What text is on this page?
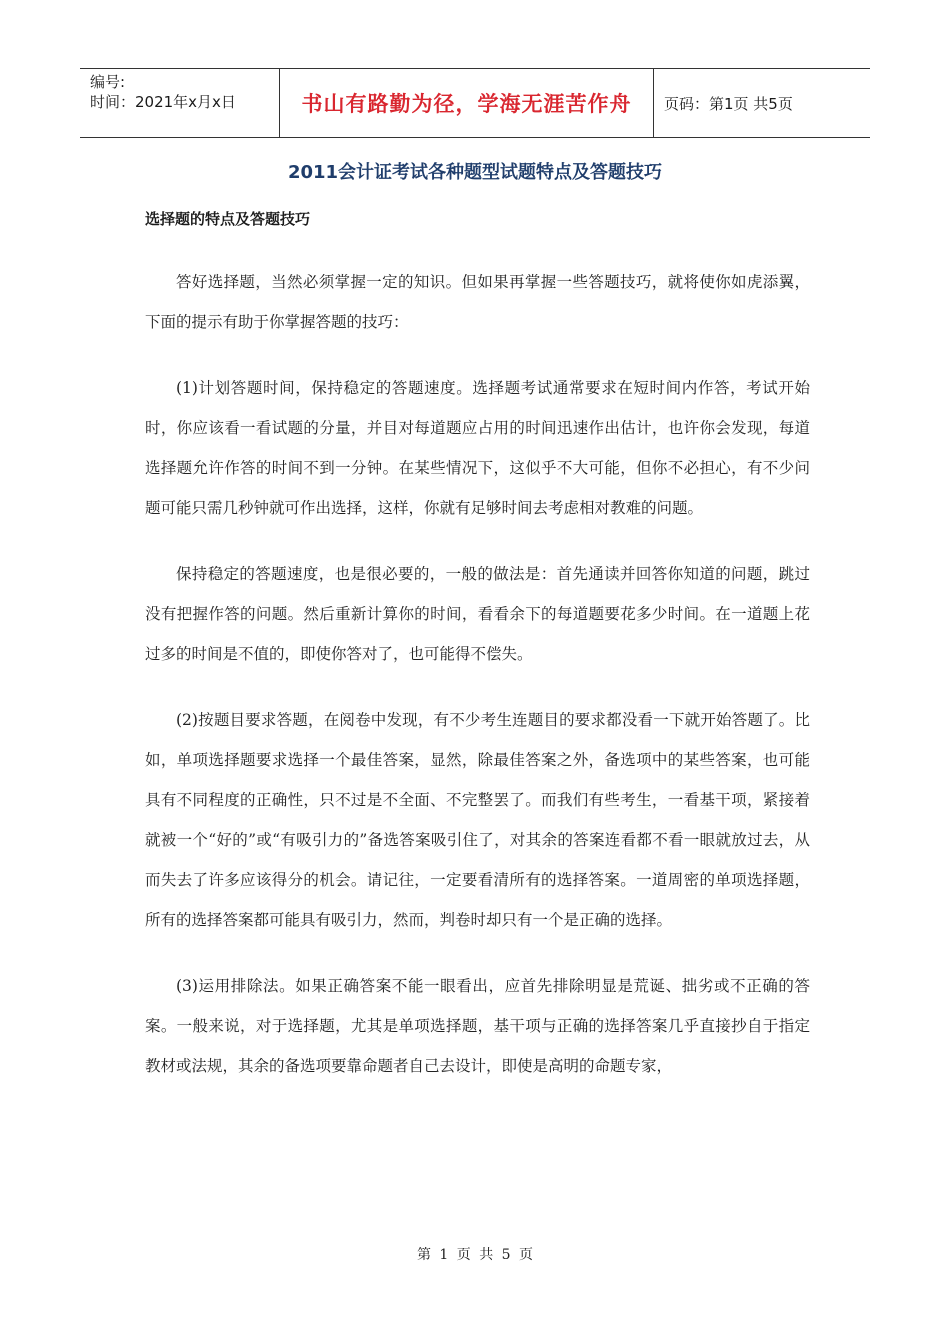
编号:
时间：2021年x月x日	书山有路勤为径，学海无涯苦作舟 页码：第1页 共5页
2011会计证考试各种题型试题特点及答题技巧
选择题的特点及答题技巧

答好选择题，当然必须掌握一定的知识。但如果再掌握一些答题技巧，就将使你如虎添翼，下面的提示有助于你掌握答题的技巧：

(1)计划答题时间，保持稳定的答题速度。选择题考试通常要求在短时间内作答，考试开始时，你应该看一看试题的分量，并目对每道题应占用的时间迅速作出估计，也许你会发现，每道选择题允许作答的时间不到一分钟。在某些情况下，这似乎不大可能，但你不必担心，有不少问题可能只需几秒钟就可作出选择，这样，你就有足够时间去考虑相对教难的问题。

保持稳定的答题速度，也是很必要的，一般的做法是：首先通读并回答你知道的问题，跳过没有把握作答的问题。然后重新计算你的时间，看看余下的每道题要花多少时间。在一道题上花过多的时间是不值的，即使你答对了，也可能得不偿失。

(2)按题目要求答题，在阅卷中发现，有不少考生连题目的要求都没看一下就开始答题了。比如，单项选择题要求选择一个最佳答案，显然，除最佳答案之外，备选项中的某些答案，也可能具有不同程度的正确性，只不过是不全面、不完整罢了。而我们有些考生，一看基干项，紧接着就被一个“好的”或“有吸引力的”备选答案吸引住了，对其余的答案连看都不看一眼就放过去，从而失去了许多应该得分的机会。请记往，一定要看清所有的选择答案。一道周密的单项选择题，所有的选择答案都可能具有吸引力，然而，判卷时却只有一个是正确的选择。

(3)运用排除法。如果正确答案不能一眼看出，应首先排除明显是荒诞、拙劣或不正确的答案。一般来说，对于选择题，尤其是单项选择题，基干项与正确的选择答案几乎直接抄自于指定教材或法规，其余的备选项要靠命题者自己去设计，即使是高明的命题专家，

第 1 页 共 5 页
